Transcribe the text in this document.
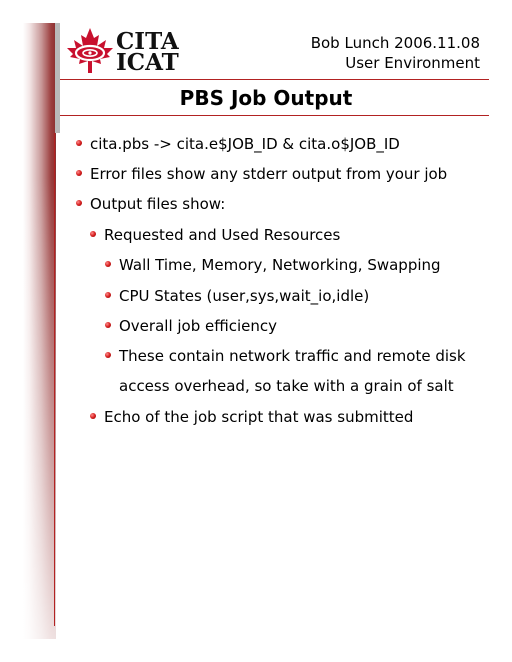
CITA
ICAT
Bob Lunch 2006.11.08
User Environment
PBS Job Output
cita.pbs -> cita.e$JOB_ID & cita.o$JOB_ID
Error files show any stderr output from your job
Output files show:
Requested and Used Resources
Wall Time, Memory, Networking, Swapping
CPU States (user,sys,wait_io,idle)
Overall job efficiency
These contain network traffic and remote disk
access overhead, so take with a grain of salt
Echo of the job script that was submitted
